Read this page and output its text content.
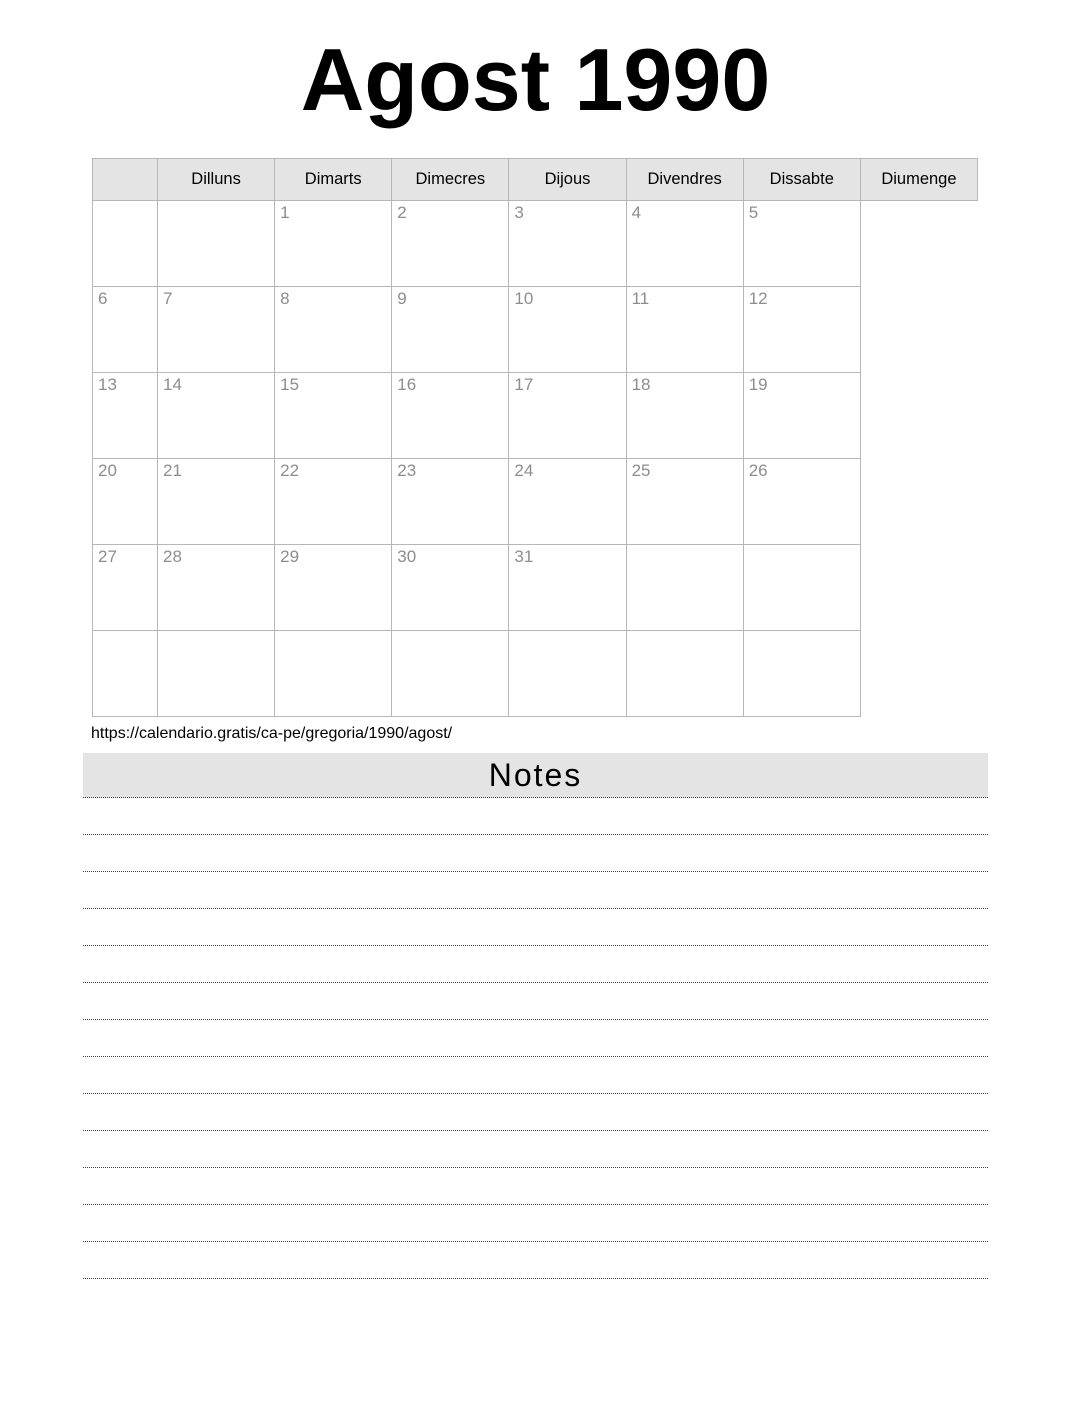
Agost 1990
	Dilluns	Dimarts	Dimecres	Dijous	Divendres	Dissabte	Diumenge
		1	2	3	4	5	
6	7	8	9	10	11	12	
13	14	15	16	17	18	19	
20	21	22	23	24	25	26	
27	28	29	30	31			

https://calendario.gratis/ca-pe/gregoria/1990/agost/
Notes
